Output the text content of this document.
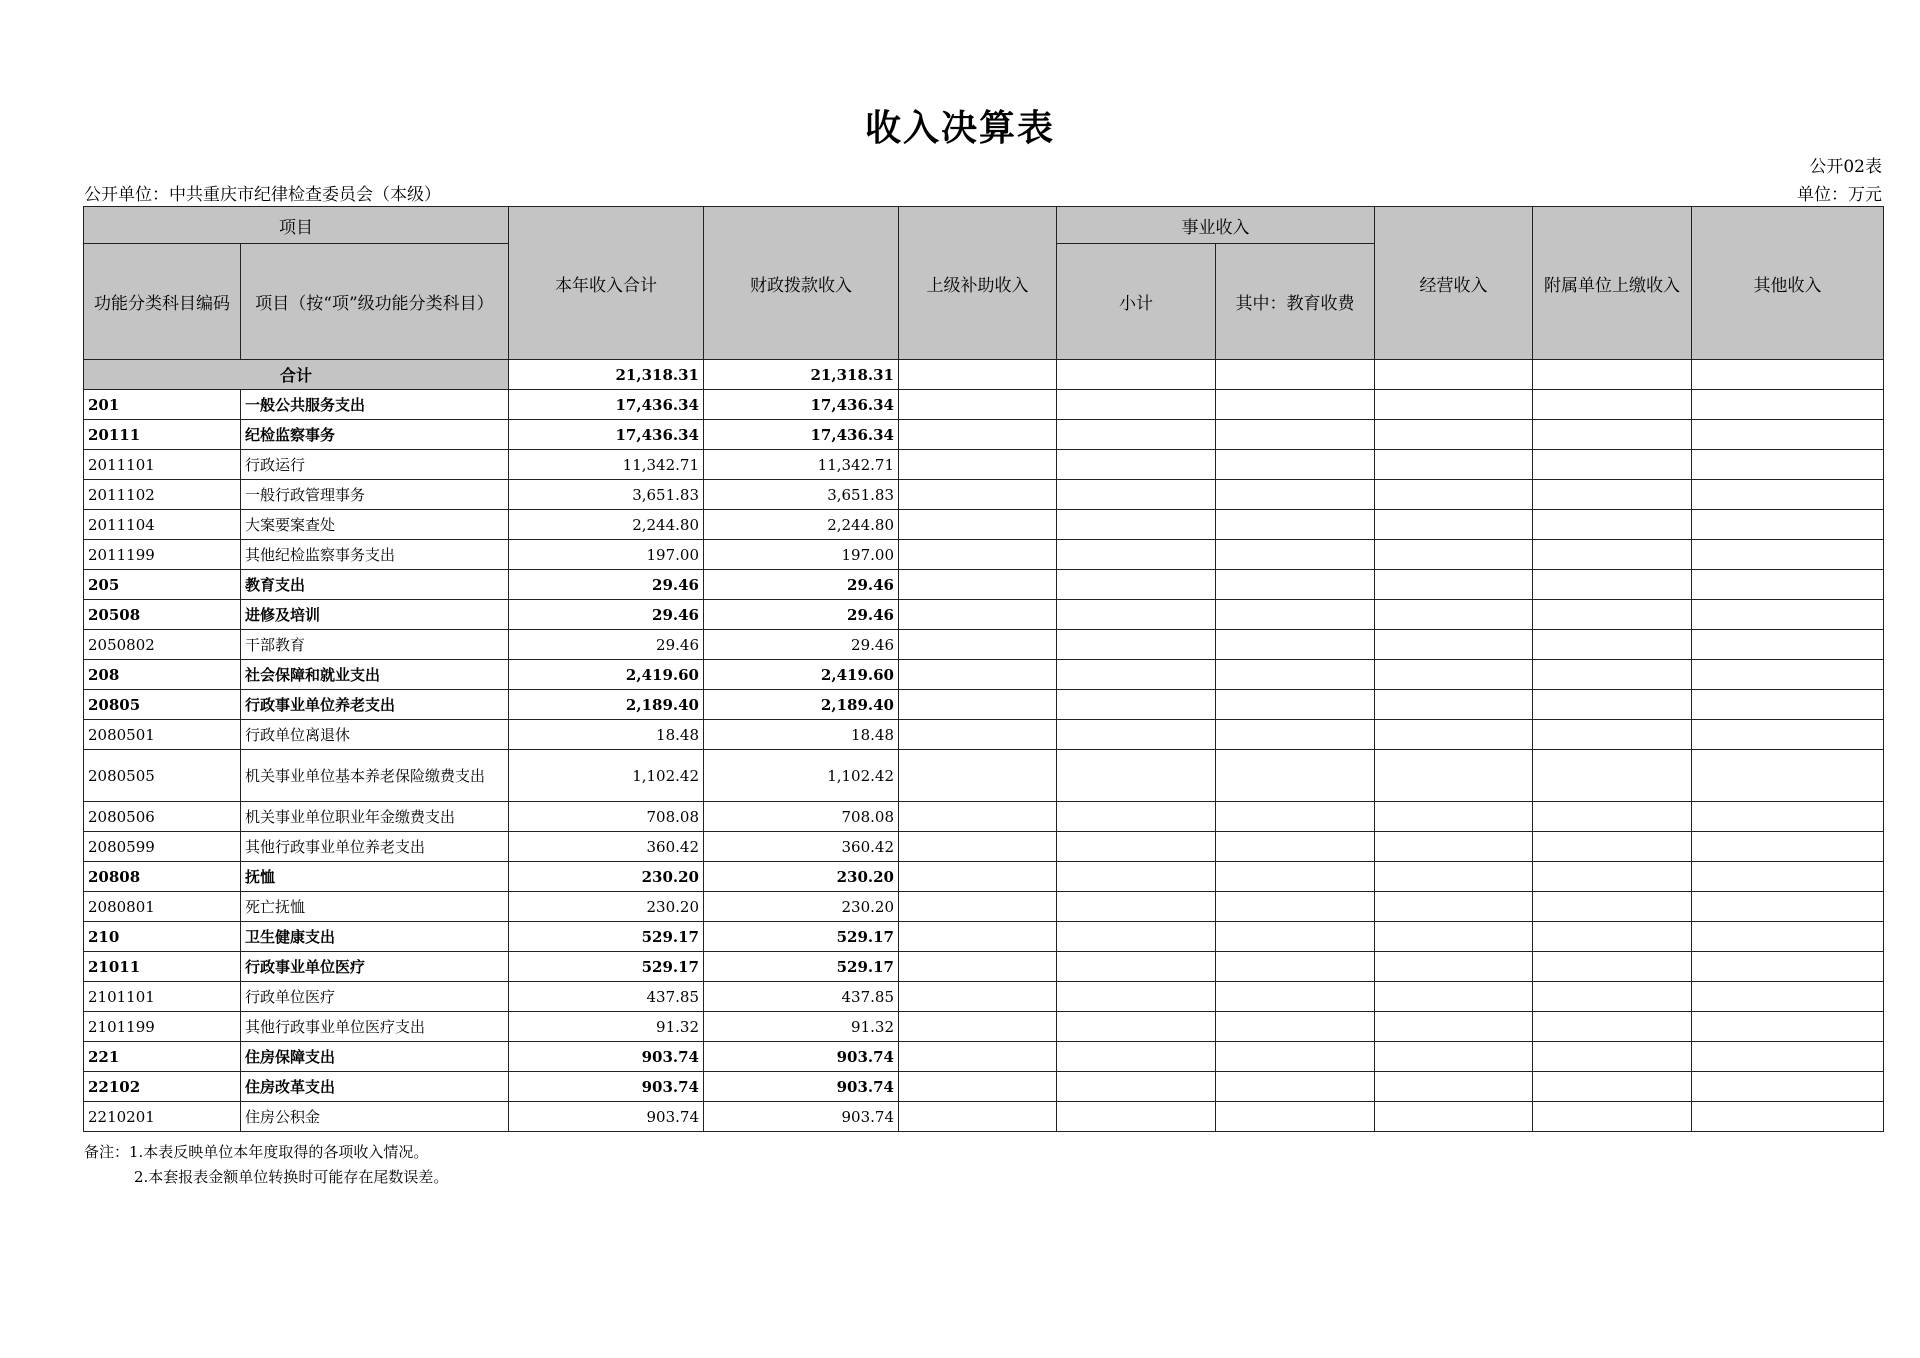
收入决算表
公开02表
公开单位：中共重庆市纪律检查委员会（本级）	单位：万元
项目		本年收入合计	财政拨款收入	上级补助收入	事业收入		经营收入	附属单位上缴收入	其他收入
功能分类科目编码	项目（按“项”级功能分类科目）				小计	其中：教育收费			
合计		21,318.31	21,318.31						
201	一般公共服务支出	17,436.34	17,436.34						
20111	纪检监察事务	17,436.34	17,436.34						
2011101	行政运行	11,342.71	11,342.71						
2011102	一般行政管理事务	3,651.83	3,651.83						
2011104	大案要案查处	2,244.80	2,244.80						
2011199	其他纪检监察事务支出	197.00	197.00						
205	教育支出	29.46	29.46						
20508	进修及培训	29.46	29.46						
2050802	干部教育	29.46	29.46						
208	社会保障和就业支出	2,419.60	2,419.60						
20805	行政事业单位养老支出	2,189.40	2,189.40						
2080501	行政单位离退休	18.48	18.48						
2080505	机关事业单位基本养老保险缴费支出	1,102.42	1,102.42						
2080506	机关事业单位职业年金缴费支出	708.08	708.08						
2080599	其他行政事业单位养老支出	360.42	360.42						
20808	抚恤	230.20	230.20						
2080801	死亡抚恤	230.20	230.20						
210	卫生健康支出	529.17	529.17						
21011	行政事业单位医疗	529.17	529.17						
2101101	行政单位医疗	437.85	437.85						
2101199	其他行政事业单位医疗支出	91.32	91.32						
221	住房保障支出	903.74	903.74						
22102	住房改革支出	903.74	903.74						
2210201	住房公积金	903.74	903.74						
备注：1.本表反映单位本年度取得的各项收入情况。
2.本套报表金额单位转换时可能存在尾数误差。
